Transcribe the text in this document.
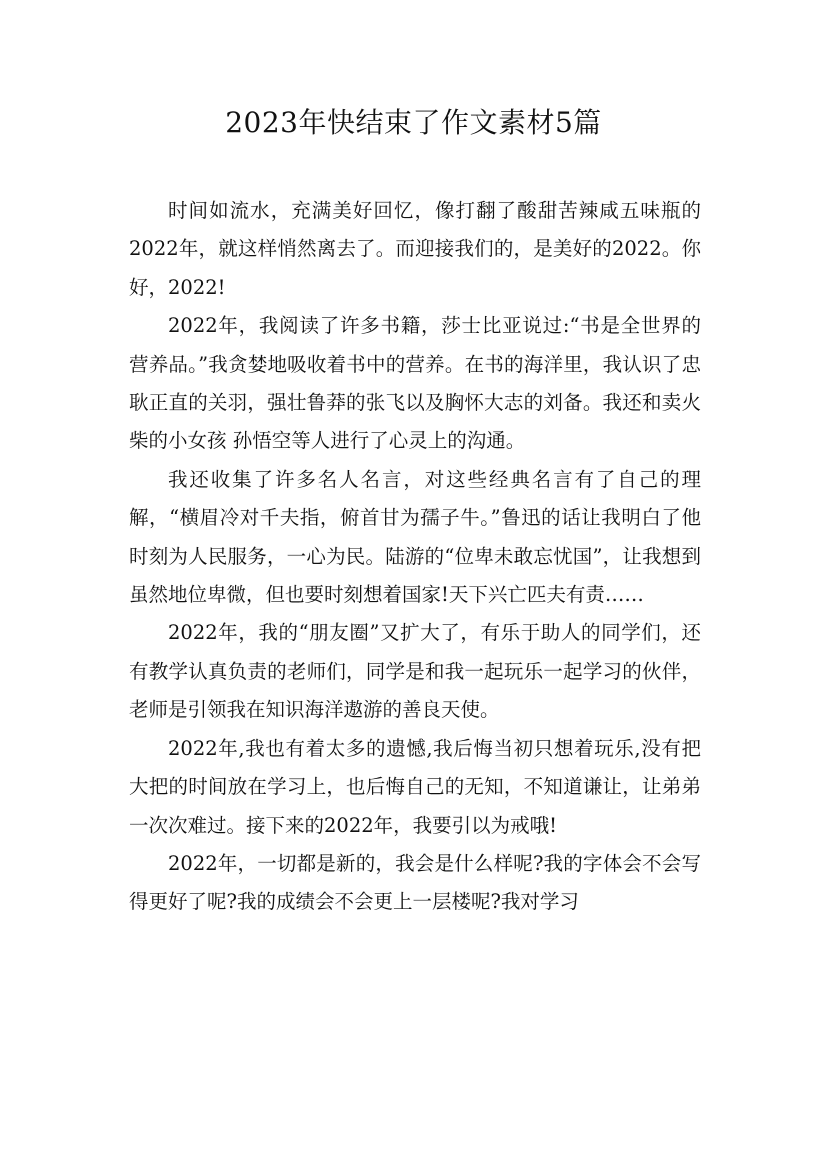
2023年快结束了作文素材5篇

时间如流水，充满美好回忆，像打翻了酸甜苦辣咸五味瓶的2022年，就这样悄然离去了。而迎接我们的，是美好的2022。你好，2022!

2022年，我阅读了许多书籍，莎士比亚说过:“书是全世界的营养品。”我贪婪地吸收着书中的营养。在书的海洋里，我认识了忠耿正直的关羽，强壮鲁莽的张飞以及胸怀大志的刘备。我还和卖火柴的小女孩 孙悟空等人进行了心灵上的沟通。

我还收集了许多名人名言，对这些经典名言有了自己的理解，“横眉冷对千夫指，俯首甘为孺子牛。”鲁迅的话让我明白了他时刻为人民服务，一心为民。陆游的“位卑未敢忘忧国”，让我想到虽然地位卑微，但也要时刻想着国家!天下兴亡匹夫有责……

2022年，我的“朋友圈”又扩大了，有乐于助人的同学们，还有教学认真负责的老师们，同学是和我一起玩乐一起学习的伙伴，老师是引领我在知识海洋遨游的善良天使。

2022年,我也有着太多的遗憾,我后悔当初只想着玩乐,没有把大把的时间放在学习上，也后悔自己的无知，不知道谦让，让弟弟一次次难过。接下来的2022年，我要引以为戒哦!

2022年，一切都是新的，我会是什么样呢?我的字体会不会写得更好了呢?我的成绩会不会更上一层楼呢?我对学习
